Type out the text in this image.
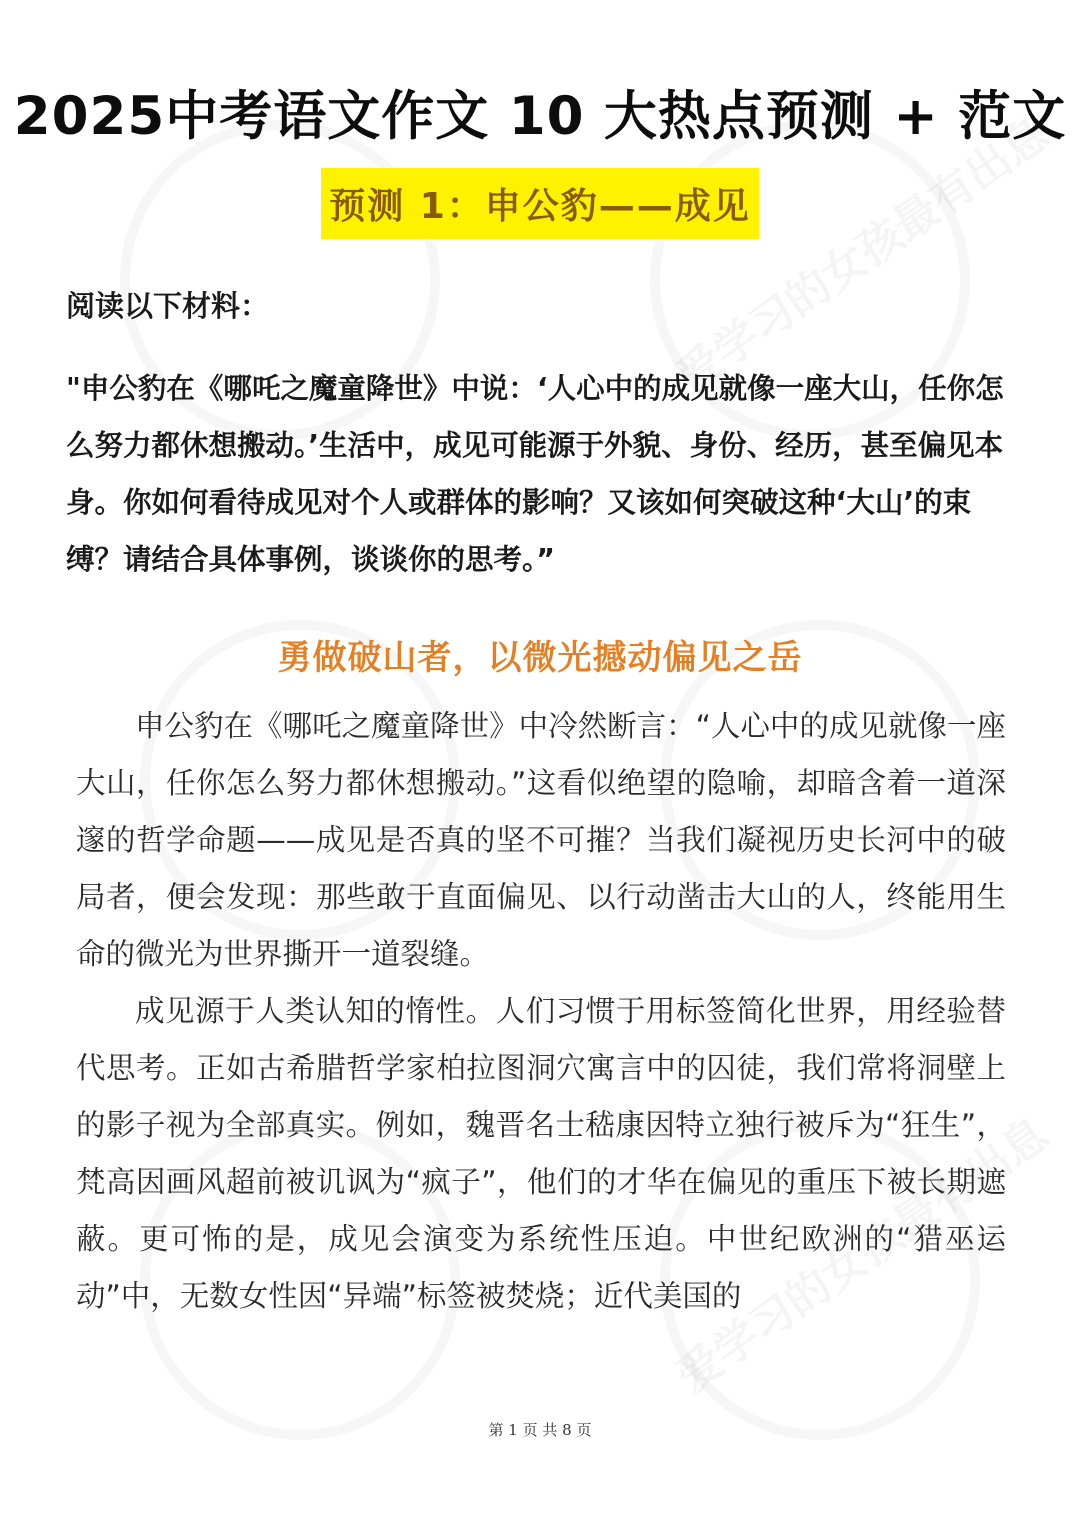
2025中考语文作文 10 大热点预测 + 范文
预测 1：申公豹——成见
阅读以下材料：
"申公豹在《哪吒之魔童降世》中说：‘人心中的成见就像一座大山，任你怎么努力都休想搬动。’生活中，成见可能源于外貌、身份、经历，甚至偏见本身。你如何看待成见对个人或群体的影响？又该如何突破这种‘大山’的束缚？请结合具体事例，谈谈你的思考。”
勇做破山者，以微光撼动偏见之岳

申公豹在《哪吒之魔童降世》中冷然断言：“人心中的成见就像一座大山，任你怎么努力都休想搬动。”这看似绝望的隐喻，却暗含着一道深邃的哲学命题——成见是否真的坚不可摧？当我们凝视历史长河中的破局者，便会发现：那些敢于直面偏见、以行动凿击大山的人，终能用生命的微光为世界撕开一道裂缝。

成见源于人类认知的惰性。人们习惯于用标签简化世界，用经验替代思考。正如古希腊哲学家柏拉图洞穴寓言中的囚徒，我们常将洞壁上的影子视为全部真实。例如，魏晋名士嵇康因特立独行被斥为“狂生”，梵高因画风超前被讥讽为“疯子”，他们的才华在偏见的重压下被长期遮蔽。更可怖的是，成见会演变为系统性压迫。中世纪欧洲的“猎巫运动”中，无数女性因“异端”标签被焚烧；近代美国的

第 1 页 共 8 页
